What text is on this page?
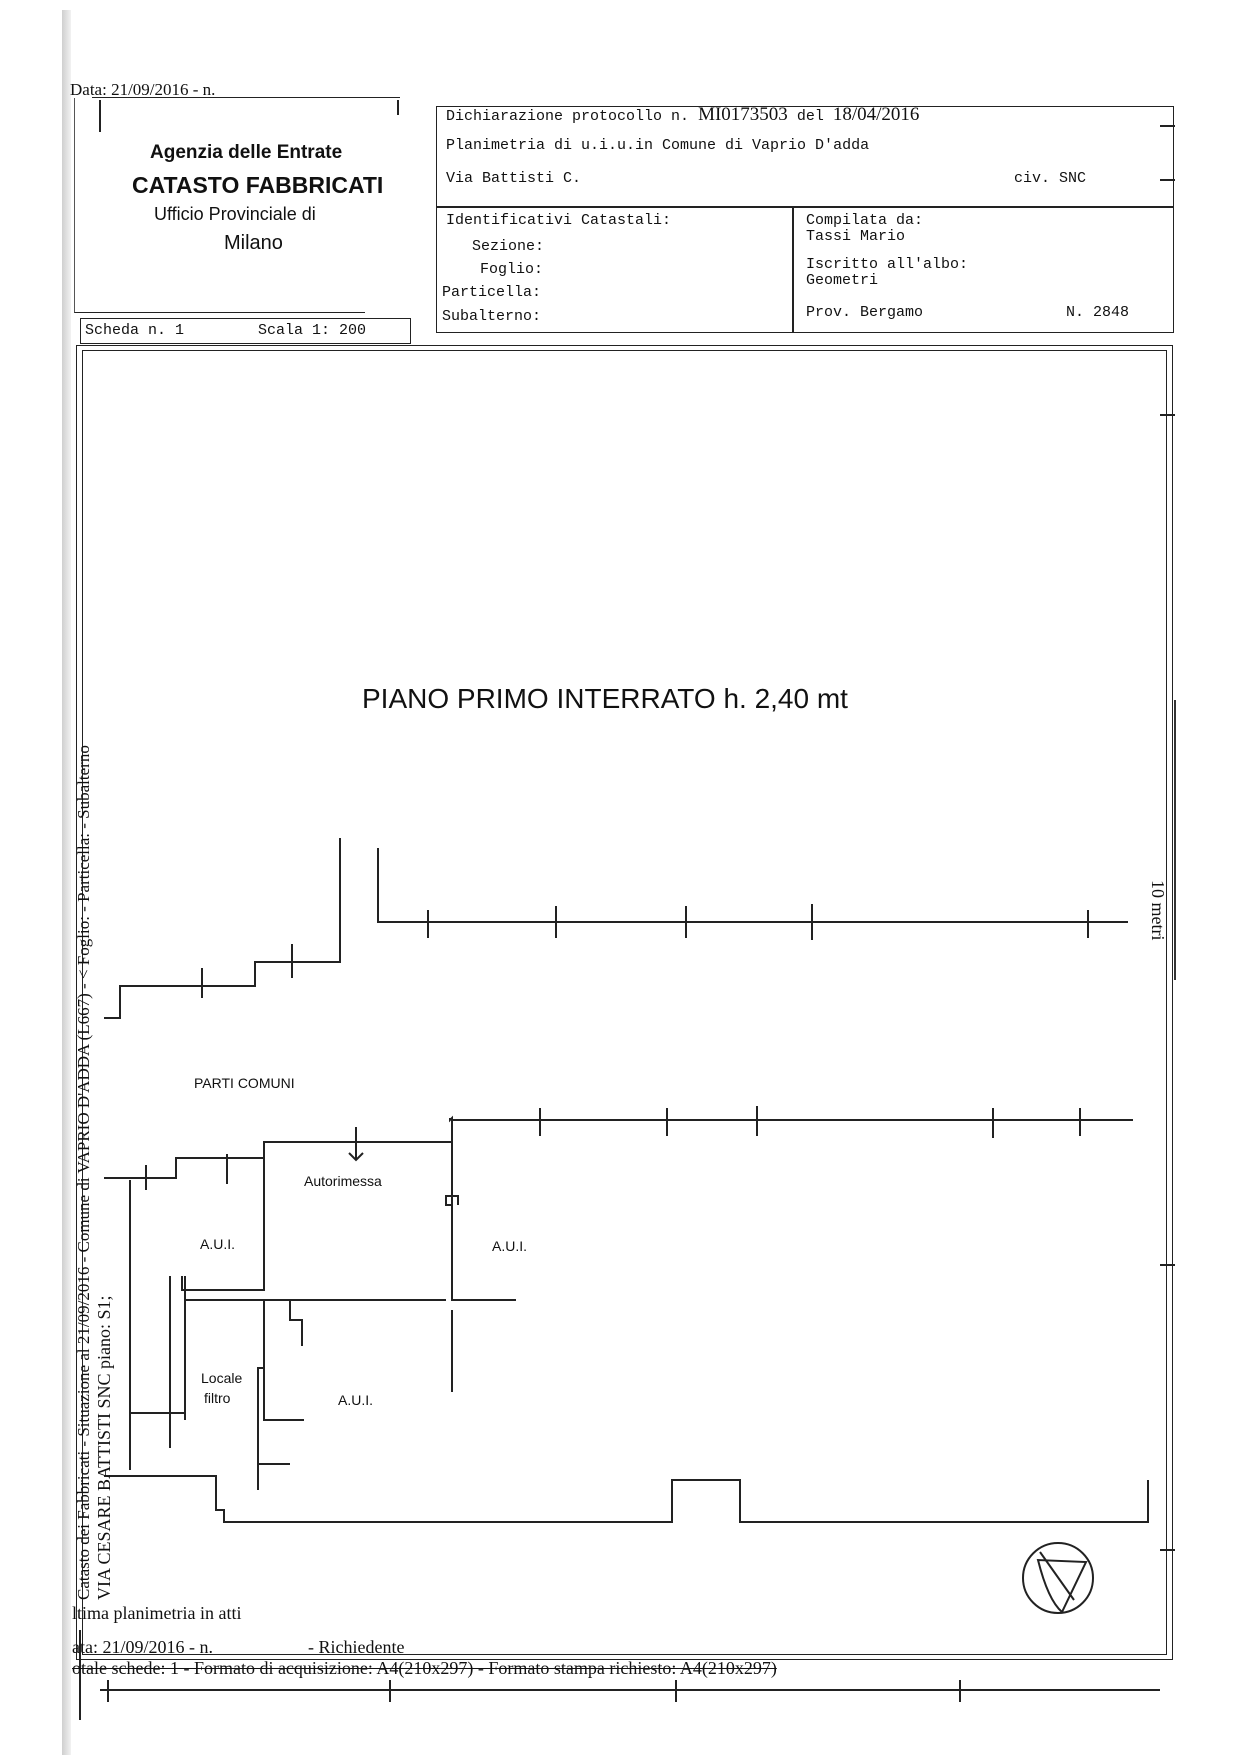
Data: 21/09/2016 - n.
Agenzia delle Entrate
CATASTO FABBRICATI
Ufficio Provinciale di
Milano
Scheda n. 1	Scala 1: 200
Dichiarazione protocollo n. MI0173503 del 18/04/2016
Planimetria di u.i.u.in Comune di Vaprio D'adda
Via Battisti C.	civ. SNC
Identificativi Catastali:
Sezione:
Foglio:
Particella:
Subalterno:
Compilata da:
Tassi Mario
Iscritto all'albo:
Geometri
Prov. Bergamo	N. 2848
PIANO PRIMO INTERRATO h. 2,40 mt
PARTI COMUNI
Autorimessa
A.U.I.	A.U.I.
Locale
filtro	A.U.I.
10 metri
VIA CESARE BATTISTI SNC piano: S1;
Catasto dei Fabbricati - Situazione al 21/09/2016 - Comune di VAPRIO D'ADDA (L667) - < Foglio: - Particella: - Subalterno
ltima planimetria in atti
ata: 21/09/2016 - n.	- Richiedente
otale schede: 1 - Formato di acquisizione: A4(210x297) - Formato stampa richiesto: A4(210x297)
